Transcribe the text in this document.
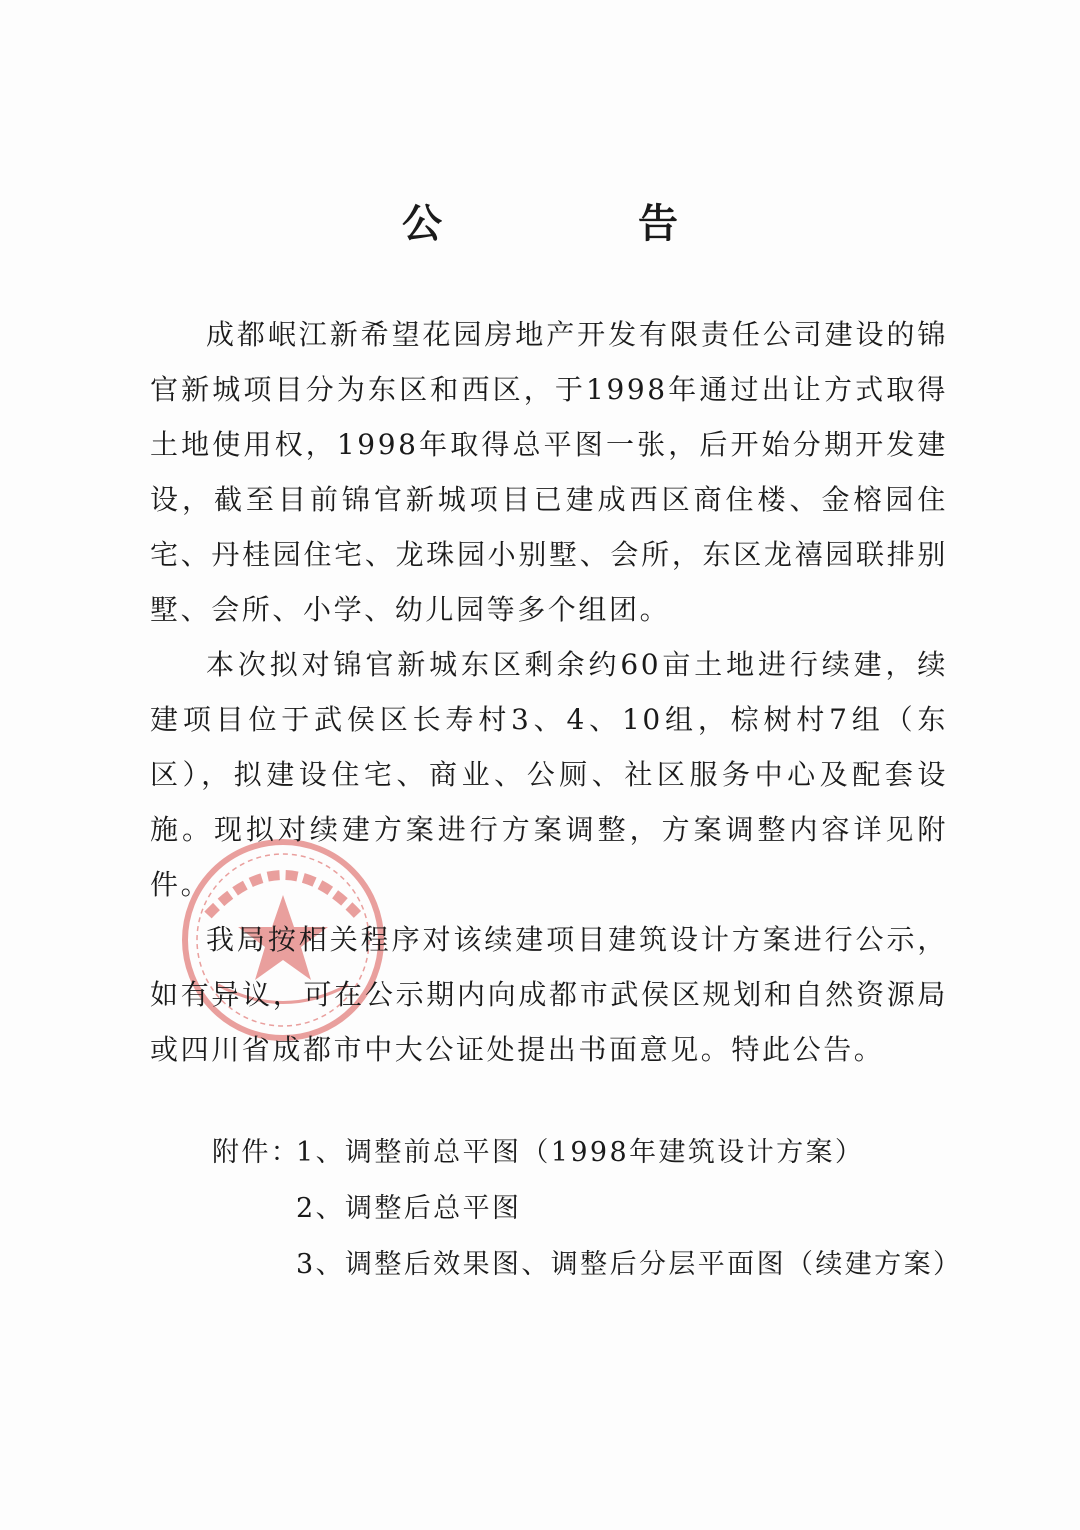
公　告

成都岷江新希望花园房地产开发有限责任公司建设的锦官新城项目分为东区和西区，于1998年通过出让方式取得土地使用权，1998年取得总平图一张，后开始分期开发建设，截至目前锦官新城项目已建成西区商住楼、金榕园住宅、丹桂园住宅、龙珠园小别墅、会所，东区龙禧园联排别墅、会所、小学、幼儿园等多个组团。

本次拟对锦官新城东区剩余约60亩土地进行续建，续建项目位于武侯区长寿村3、4、10组，棕树村7组（东区），拟建设住宅、商业、公厕、社区服务中心及配套设施。现拟对续建方案进行方案调整，方案调整内容详见附件。

我局按相关程序对该续建项目建筑设计方案进行公示，如有异议，可在公示期内向成都市武侯区规划和自然资源局或四川省成都市中大公证处提出书面意见。特此公告。

附件：1、调整前总平图（1998年建筑设计方案）
2、调整后总平图
3、调整后效果图、调整后分层平面图（续建方案）
